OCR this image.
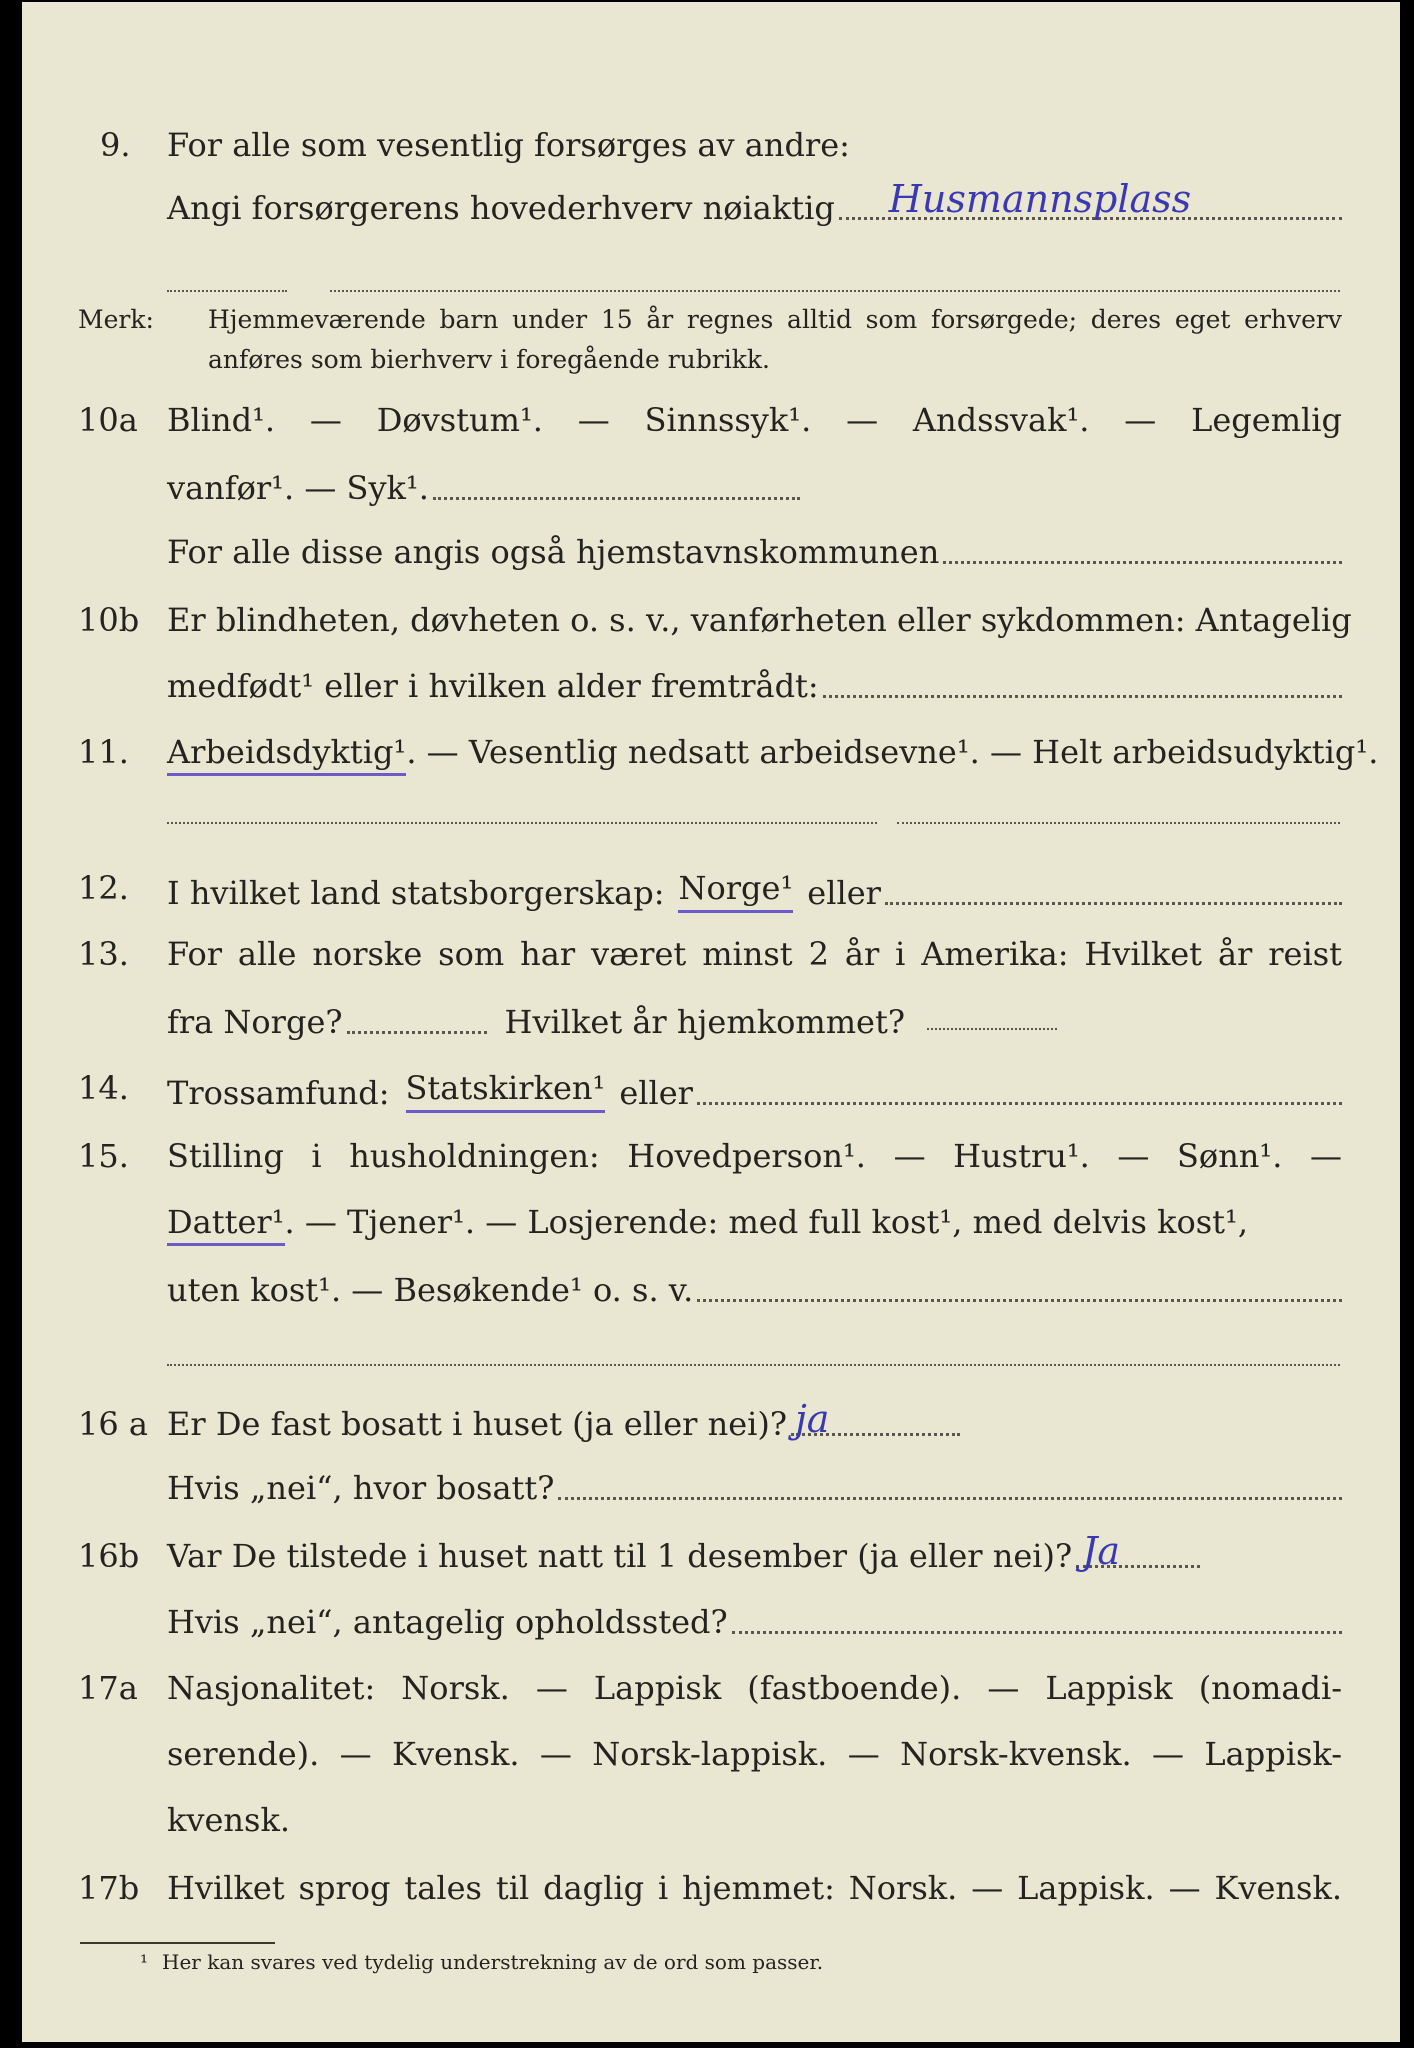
9.	For alle som vesentlig forsørges av andre:
Angi forsørgerens hovederhverv nøiaktig Husmannsplass
Merk:	Hjemmeværende barn under 15 år regnes alltid som forsørgede; deres eget erhverv
anføres som bierhverv i foregående rubrikk.
10a Blind¹. — Døvstum¹. — Sinnssyk¹. — Andssvak¹. — Legemlig
vanfør¹. — Syk¹.
For alle disse angis også hjemstavnskommunen
10b Er blindheten, døvheten o. s. v., vanførheten eller sykdommen: Antagelig
medfødt¹ eller i hvilken alder fremtrådt:
11.	Arbeidsdyktig¹. — Vesentlig nedsatt arbeidsevne¹. — Helt arbeidsudyktig¹.
12.	I hvilket land statsborgerskap: Norge¹ eller
13.	For alle norske som har været minst 2 år i Amerika: Hvilket år reist
fra Norge?	Hvilket år hjemkommet?
14.	Trossamfund: Statskirken¹ eller
15.	Stilling i husholdningen: Hovedperson¹. — Hustru¹. — Sønn¹. —
Datter¹. — Tjener¹. — Losjerende: med full kost¹, med delvis kost¹,
uten kost¹. — Besøkende¹ o. s. v.
16 a Er De fast bosatt i huset (ja eller nei)? ja
Hvis „nei“, hvor bosatt?
16b Var De tilstede i huset natt til 1 desember (ja eller nei)? Ja
Hvis „nei“, antagelig opholdssted?
17a Nasjonalitet: Norsk. — Lappisk (fastboende). — Lappisk (nomadi-
serende). — Kvensk. — Norsk-lappisk. — Norsk-kvensk. — Lappisk-
kvensk.
17b Hvilket sprog tales til daglig i hjemmet: Norsk. — Lappisk. — Kvensk.
¹ Her kan svares ved tydelig understrekning av de ord som passer.
